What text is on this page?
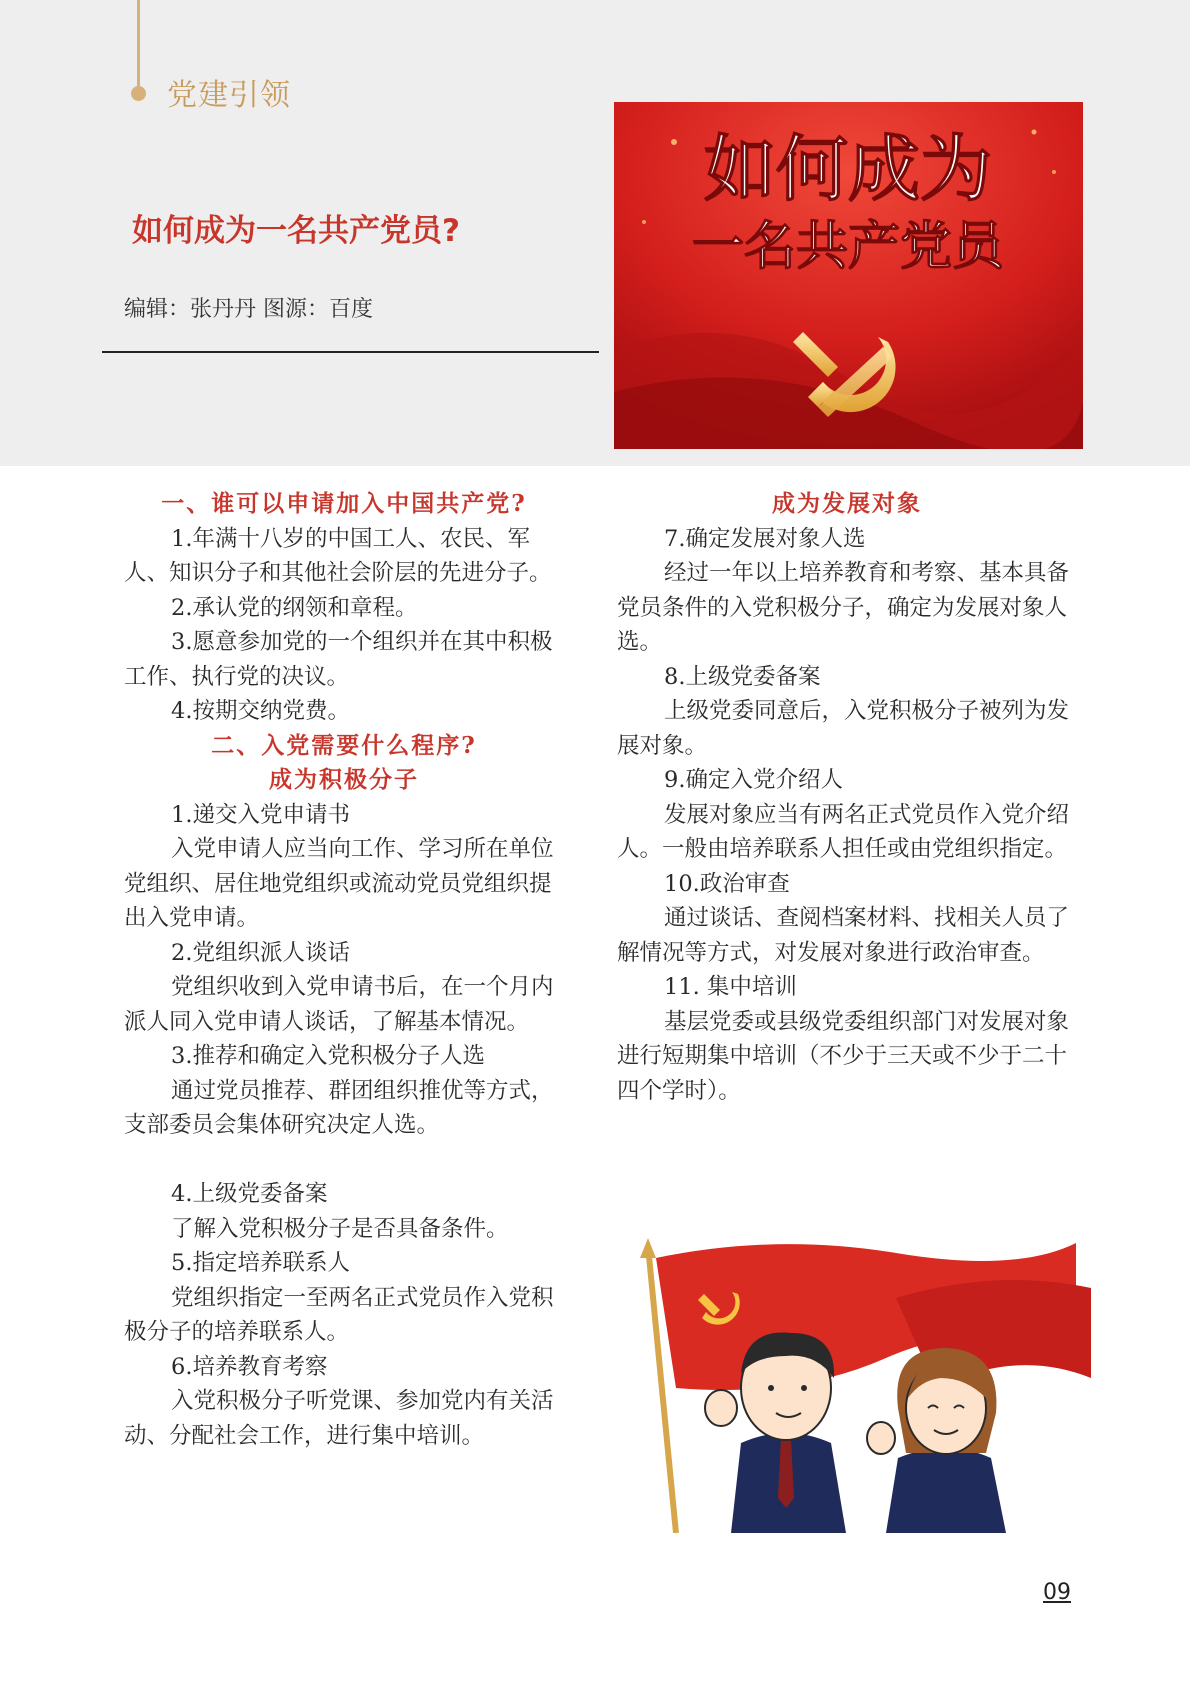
党建引领
如何成为一名共产党员?
编辑：张丹丹 图源：百度
如何成为
一名共产党员

一、谁可以申请加入中国共产党?

1.年满十八岁的中国工人、农民、军人、知识分子和其他社会阶层的先进分子。

2.承认党的纲领和章程。

3.愿意参加党的一个组织并在其中积极工作、执行党的决议。

4.按期交纳党费。

二、入党需要什么程序?

成为积极分子

1.递交入党申请书

入党申请人应当向工作、学习所在单位党组织、居住地党组织或流动党员党组织提出入党申请。

2.党组织派人谈话

党组织收到入党申请书后，在一个月内派人同入党申请人谈话，了解基本情况。

3.推荐和确定入党积极分子人选

通过党员推荐、群团组织推优等方式，支部委员会集体研究决定人选。

4.上级党委备案

了解入党积极分子是否具备条件。

5.指定培养联系人

党组织指定一至两名正式党员作入党积极分子的培养联系人。

6.培养教育考察

入党积极分子听党课、参加党内有关活动、分配社会工作，进行集中培训。

成为发展对象

7.确定发展对象人选

经过一年以上培养教育和考察、基本具备党员条件的入党积极分子，确定为发展对象人选。

8.上级党委备案

上级党委同意后，入党积极分子被列为发展对象。

9.确定入党介绍人

发展对象应当有两名正式党员作入党介绍人。一般由培养联系人担任或由党组织指定。

10.政治审查

通过谈话、查阅档案材料、找相关人员了解情况等方式，对发展对象进行政治审查。

11. 集中培训

基层党委或县级党委组织部门对发展对象进行短期集中培训（不少于三天或不少于二十四个学时）。

09
